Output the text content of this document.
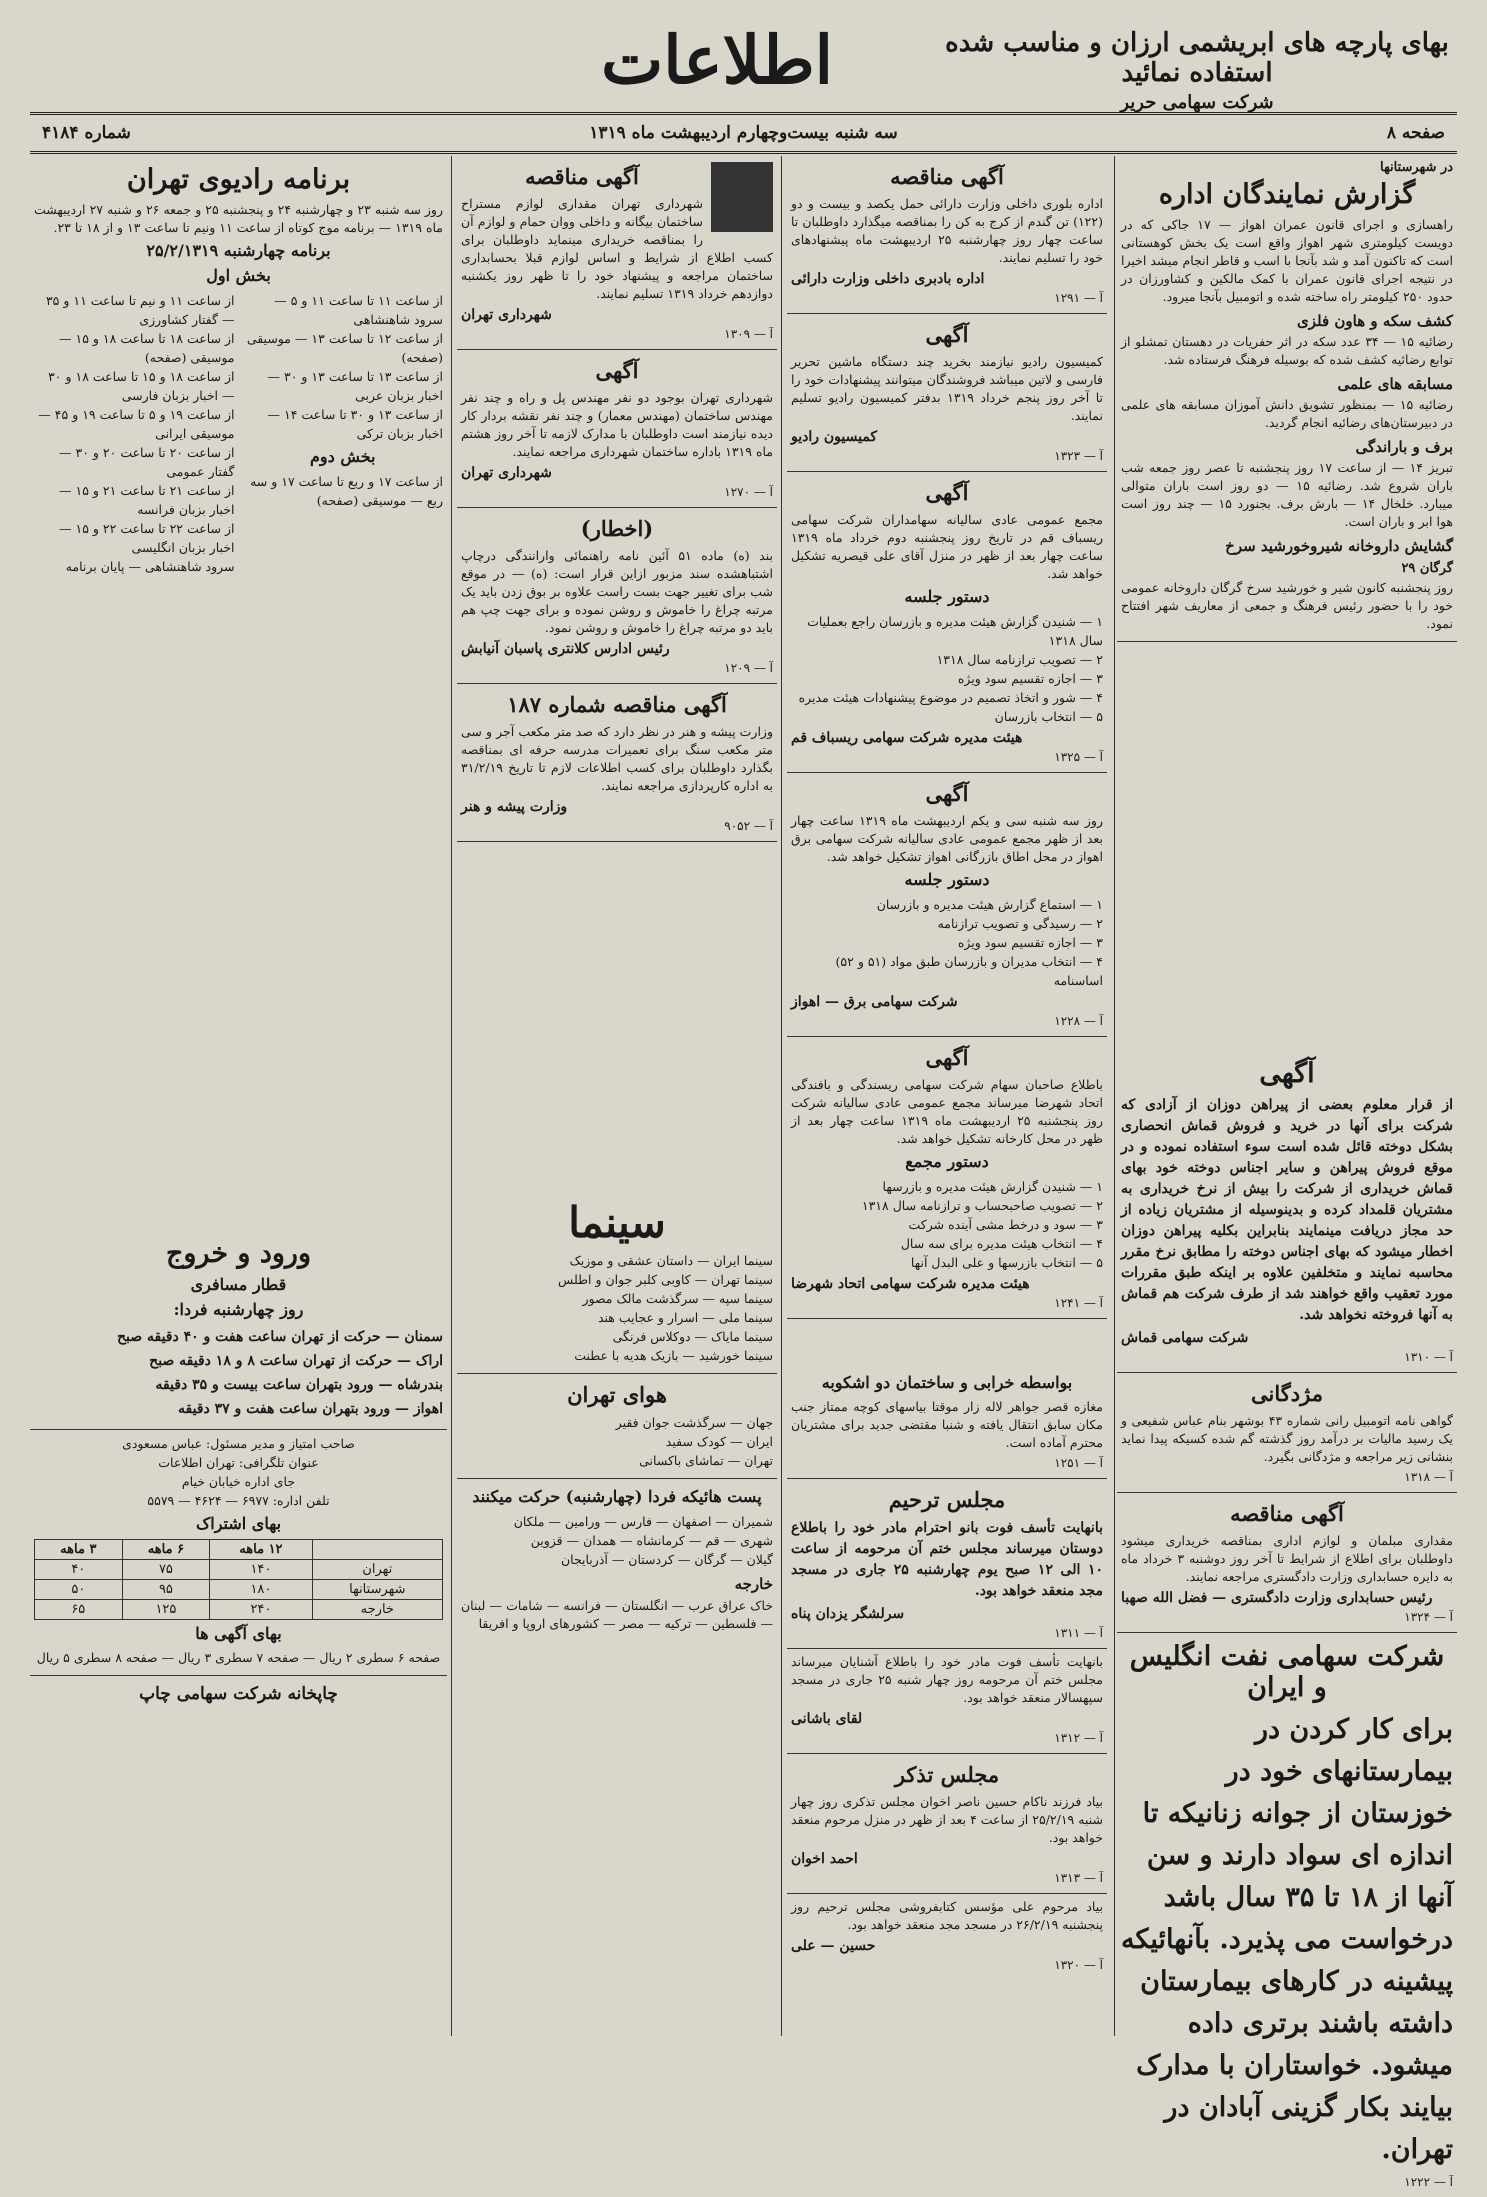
بهای پارچه های ابریشمی ارزان و مناسب شده استفاده نمائید
شرکت سهامی حریر
اطلاعات
صفحه ۸
سه شنبه بیست‌وچهارم اردیبهشت ماه ۱۳۱۹
شماره ۴۱۸۴
در شهرستانها
گزارش نمایندگان اداره
راهسازی و اجرای قانون عمران اهواز — ۱۷ جاکی که در دویست کیلومتری شهر اهواز واقع است یک بخش کوهستانی است که تاکنون آمد و شد بآنجا با اسب و قاطر انجام میشد اخیرا در نتیجه اجرای قانون عمران با کمک مالکین و کشاورزان در حدود ۲۵۰ کیلومتر راه ساخته شده و اتومبیل بآنجا میرود.
کشف سکه و هاون فلزی
رضائیه ۱۵ — ۳۴ عدد سکه در اثر حفریات در دهستان تمشلو از توابع رضائیه کشف شده که بوسیله فرهنگ فرستاده شد.
مسابقه های علمی
رضائیه ۱۵ — بمنظور تشویق دانش آموزان مسابقه های علمی در دبیرستان‌های رضائیه انجام گردید.
برف و باراندگی
تبریز ۱۴ — از ساعت ۱۷ روز پنجشنبه تا عصر روز جمعه شب باران شروع شد. رضائیه ۱۵ — دو روز است باران متوالی میبارد. خلخال ۱۴ — بارش برف. بجنورد ۱۵ — چند روز است هوا ابر و باران است.
گشایش داروخانه شیروخورشید سرخ
گرگان ۲۹
روز پنجشنبه کانون شیر و خورشید سرخ گرگان داروخانه عمومی خود را با حضور رئیس فرهنگ و جمعی از معاریف شهر افتتاح نمود.
آگهی مناقصه
اداره بلوری داخلی وزارت دارائی حمل یکصد و بیست و دو (۱۲۲) تن گندم از کرج به کن را بمناقصه میگذارد داوطلبان تا ساعت چهار روز چهارشنبه ۲۵ اردیبهشت ماه پیشنهادهای خود را تسلیم نمایند.
اداره بادبری داخلی وزارت دارائی
آ — ۱۲۹۱
آگهی
کمیسیون رادیو نیازمند بخرید چند دستگاه ماشین تحریر فارسی و لاتین میباشد فروشندگان میتوانند پیشنهادات خود را تا آخر روز پنجم خرداد ۱۳۱۹ بدفتر کمیسیون رادیو تسلیم نمایند.
کمیسیون رادیو
آ — ۱۳۲۳
آگهی
مجمع عمومی عادی سالیانه سهامداران شرکت سهامی ریسباف قم در تاریخ روز پنجشنبه دوم خرداد ماه ۱۳۱۹ ساعت چهار بعد از ظهر در منزل آقای علی قیصریه تشکیل خواهد شد.
دستور جلسه
۱ — شنیدن گزارش هیئت مدیره و بازرسان راجع بعملیات سال ۱۳۱۸
۲ — تصویب ترازنامه سال ۱۳۱۸
۳ — اجازه تقسیم سود ویژه
۴ — شور و اتخاذ تصمیم در موضوع پیشنهادات هیئت مدیره
۵ — انتخاب بازرسان
هیئت مدیره شرکت سهامی ریسباف قم
آ — ۱۳۲۵
آگهی
روز سه شنبه سی و یکم اردیبهشت ماه ۱۳۱۹ ساعت چهار بعد از ظهر مجمع عمومی عادی سالیانه شرکت سهامی برق اهواز در محل اطاق بازرگانی اهواز تشکیل خواهد شد.
دستور جلسه
۱ — استماع گزارش هیئت مدیره و بازرسان
۲ — رسیدگی و تصویب ترازنامه
۳ — اجازه تقسیم سود ویژه
۴ — انتخاب مدیران و بازرسان طبق مواد (۵۱ و ۵۲) اساسنامه
شرکت سهامی برق — اهواز
آ — ۱۲۲۸
آگهی
باطلاع صاحبان سهام شرکت سهامی ریسندگی و بافندگی اتحاد شهرضا میرساند مجمع عمومی عادی سالیانه شرکت روز پنجشنبه ۲۵ اردیبهشت ماه ۱۳۱۹ ساعت چهار بعد از ظهر در محل کارخانه تشکیل خواهد شد.
دستور مجمع
۱ — شنیدن گزارش هیئت مدیره و بازرسها
۲ — تصویب صاحبحساب و ترازنامه سال ۱۳۱۸
۳ — سود و درخط مشی آینده شرکت
۴ — انتخاب هیئت مدیره برای سه سال
۵ — انتخاب بازرسها و علی البدل آنها
هیئت مدیره شرکت سهامی اتحاد شهرضا
آ — ۱۲۴۱
آگهی مناقصه
شهرداری تهران مقداری لوازم مستراح ساختمان بیگانه و داخلی ووان حمام و لوازم آن را بمناقصه خریداری مینماید داوطلبان برای کسب اطلاع از شرایط و اساس لوازم قبلا بحسابداری ساختمان مراجعه و پیشنهاد خود را تا ظهر روز یکشنبه دوازدهم خرداد ۱۳۱۹ تسلیم نمایند.
شهرداری تهران
آ — ۱۳۰۹
آگهی
شهرداری تهران بوجود دو نفر مهندس پل و راه و چند نفر مهندس ساختمان (مهندس معمار) و چند نفر نقشه بردار کار دیده نیازمند است داوطلبان با مدارک لازمه تا آخر روز هشتم ماه ۱۳۱۹ باداره ساختمان شهرداری مراجعه نمایند.
شهرداری تهران
آ — ۱۲۷۰
(اخطار)
بند (ه) ماده ۵۱ آئین نامه راهنمائی وارانندگی درچاپ اشتباهشده سند مزبور ازاین قرار است: (ه) — در موقع شب برای تغییر جهت بست راست علاوه بر بوق زدن باید یک مرتبه چراغ را خاموش و روشن نموده و برای جهت چپ هم باید دو مرتبه چراغ را خاموش و روشن نمود.
رئیس ادارس کلانتری پاسبان آنیابش
آ — ۱۲۰۹
آگهی مناقصه شماره ۱۸۷
وزارت پیشه و هنر در نظر دارد که صد متر مکعب آجر و سی متر مکعب سنگ برای تعمیرات مدرسه حرفه ای بمناقصه بگذارد داوطلبان برای کسب اطلاعات لازم تا تاریخ ۳۱/۲/۱۹ به اداره کارپردازی مراجعه نمایند.
وزارت پیشه و هنر
آ — ۹۰۵۲
برنامه رادیوی تهران
روز سه شنبه ۲۳ و چهارشنبه ۲۴ و پنجشنبه ۲۵ و جمعه ۲۶ و شنبه ۲۷ اردیبهشت ماه ۱۳۱۹ — برنامه موج کوتاه از ساعت ۱۱ ونیم تا ساعت ۱۳ و از ۱۸ تا ۲۳.
برنامه چهارشنبه ۲۵/۲/۱۳۱۹
بخش اول
از ساعت ۱۱ تا ساعت ۱۱ و ۵ — سرود شاهنشاهی
از ساعت ۱۲ تا ساعت ۱۳ — موسیقی (صفحه)
از ساعت ۱۳ تا ساعت ۱۳ و ۳۰ — اخبار بزبان عربی
از ساعت ۱۳ و ۳۰ تا ساعت ۱۴ — اخبار بزبان ترکی
بخش دوم
از ساعت ۱۷ و ربع تا ساعت ۱۷ و سه ربع — موسیقی (صفحه)
از ساعت ۱۱ و نیم تا ساعت ۱۱ و ۳۵ — گفتار کشاورزی
از ساعت ۱۸ تا ساعت ۱۸ و ۱۵ — موسیقی (صفحه)
از ساعت ۱۸ و ۱۵ تا ساعت ۱۸ و ۳۰ — اخبار بزبان فارسی
از ساعت ۱۹ و ۵ تا ساعت ۱۹ و ۴۵ — موسیقی ایرانی
از ساعت ۲۰ تا ساعت ۲۰ و ۳۰ — گفتار عمومی
از ساعت ۲۱ تا ساعت ۲۱ و ۱۵ — اخبار بزبان فرانسه
از ساعت ۲۲ تا ساعت ۲۲ و ۱۵ — اخبار بزبان انگلیسی
سرود شاهنشاهی — پایان برنامه
آگهی
از قرار معلوم بعضی از پیراهن دوزان از آزادی که شرکت برای آنها در خرید و فروش قماش انحصاری بشکل دوخته قائل شده است سوء استفاده نموده و در موقع فروش پیراهن و سایر اجناس دوخته خود بهای قماش خریداری از شرکت را بیش از نرخ خریداری به مشتریان قلمداد کرده و بدینوسیله از مشتریان زیاده از حد مجاز دریافت مینمایند بنابراین بکلیه پیراهن دوزان اخطار میشود که بهای اجناس دوخته را مطابق نرخ مقرر محاسبه نمایند و متخلفین علاوه بر اینکه طبق مقررات مورد تعقیب واقع خواهند شد از طرف شرکت هم قماش به آنها فروخته نخواهد شد.
شرکت سهامی قماش
آ — ۱۳۱۰
مژدگانی
گواهی نامه اتومبیل رانی شماره ۴۳ بوشهر بنام عباس شفیعی و یک رسید مالیات بر درآمد روز گذشته گم شده کسیکه پیدا نماید بنشانی زیر مراجعه و مژدگانی بگیرد.
آ — ۱۳۱۸
آگهی مناقصه
مقداری مبلمان و لوازم اداری بمناقصه خریداری میشود داوطلبان برای اطلاع از شرایط تا آخر روز دوشنبه ۳ خرداد ماه به دایره حسابداری وزارت دادگستری مراجعه نمایند.
رئیس حسابداری وزارت دادگستری — فضل الله صهبا
آ — ۱۳۲۴
شرکت سهامی نفت انگلیس و ایران
برای کار کردن در بیمارستانهای خود در خوزستان از جوانه زنانیکه تا اندازه ای سواد دارند و سن آنها از ۱۸ تا ۳۵ سال باشد درخواست می پذیرد. بآنهائیکه پیشینه در کارهای بیمارستان داشته باشند برتری داده میشود. خواستاران با مدارک بیایند بکار گزینی آبادان در تهران.
آ — ۱۲۲۲
بواسطه خرابی و ساختمان دو اشکوبه
مغازه قصر جواهر لاله زار موقتا بیاسهای کوچه ممتاز جنب مکان سابق انتقال یافته و شنبا مقتضی جدید برای مشتریان محترم آماده است.
آ — ۱۲۵۱
مجلس ترحیم
بانهایت تأسف فوت بانو احترام مادر خود را باطلاع دوستان میرساند مجلس ختم آن مرحومه از ساعت ۱۰ الی ۱۲ صبح یوم چهارشنبه ۲۵ جاری در مسجد مجد منعقد خواهد بود.
سرلشگر یزدان پناه
آ — ۱۳۱۱
بانهایت تأسف فوت مادر خود را باطلاع آشنایان میرساند مجلس ختم آن مرحومه روز چهار شنبه ۲۵ جاری در مسجد سپهسالار منعقد خواهد بود.
لقای باشانی
آ — ۱۳۱۲
مجلس تذکر
بیاد فرزند ناکام حسین ناصر اخوان مجلس تذکری روز چهار شنبه ۲۵/۲/۱۹ از ساعت ۴ بعد از ظهر در منزل مرحوم منعقد خواهد بود.
احمد اخوان
آ — ۱۳۱۳
بیاد مرحوم علی مؤسس کتابفروشی مجلس ترحیم روز پنجشنبه ۲۶/۲/۱۹ در مسجد مجد منعقد خواهد بود.
حسین — علی
آ — ۱۳۲۰
سینما
سینما ایران — داستان عشقی و موزیک
سینما تهران — کاوبی کلبر جوان و اطلس
سینما سپه — سرگذشت مالک مصور
سینما ملی — اسرار و عجایب هند
سینما مایاک — دوکلاس فرنگی
سینما خورشید — بازیک هدیه با عطنت
هوای تهران
جهان — سرگذشت جوان فقیر
ایران — کودک سفید
تهران — تماشای باکسانی
پست هائیکه فردا (چهارشنبه) حرکت میکنند
شمیران — اصفهان — فارس — ورامین — ملکان
شهری — قم — کرمانشاه — همدان — قزوین
گیلان — گرگان — کردستان — آذربایجان
خارجه
خاک عراق عرب — انگلستان — فرانسه — شامات — لبنان — فلسطین — ترکیه — مصر — کشورهای اروپا و افریقا
ورود و خروج
قطار مسافری
روز چهارشنبه فردا:
سمنان — حرکت از تهران ساعت هفت و ۴۰ دقیقه صبح
اراک — حرکت از تهران ساعت ۸ و ۱۸ دقیقه صبح
بندرشاه — ورود بتهران ساعت بیست و ۳۵ دقیقه
اهواز — ورود بتهران ساعت هفت و ۳۷ دقیقه
صاحب امتیاز و مدیر مسئول: عباس مسعودی
عنوان تلگرافی: تهران اطلاعات
جای اداره خیابان خیام
تلفن اداره: ۶۹۷۷ — ۴۶۲۴ — ۵۵۷۹
بهای اشتراک
	۱۲ ماهه	۶ ماهه	۳ ماهه
تهران	۱۴۰	۷۵	۴۰
شهرستانها	۱۸۰	۹۵	۵۰
خارجه	۲۴۰	۱۲۵	۶۵
بهای آگهی ها
صفحه ۶ سطری ۲ ریال — صفحه ۷ سطری ۳ ریال — صفحه ۸ سطری ۵ ریال
چاپخانه شرکت سهامی چاپ
